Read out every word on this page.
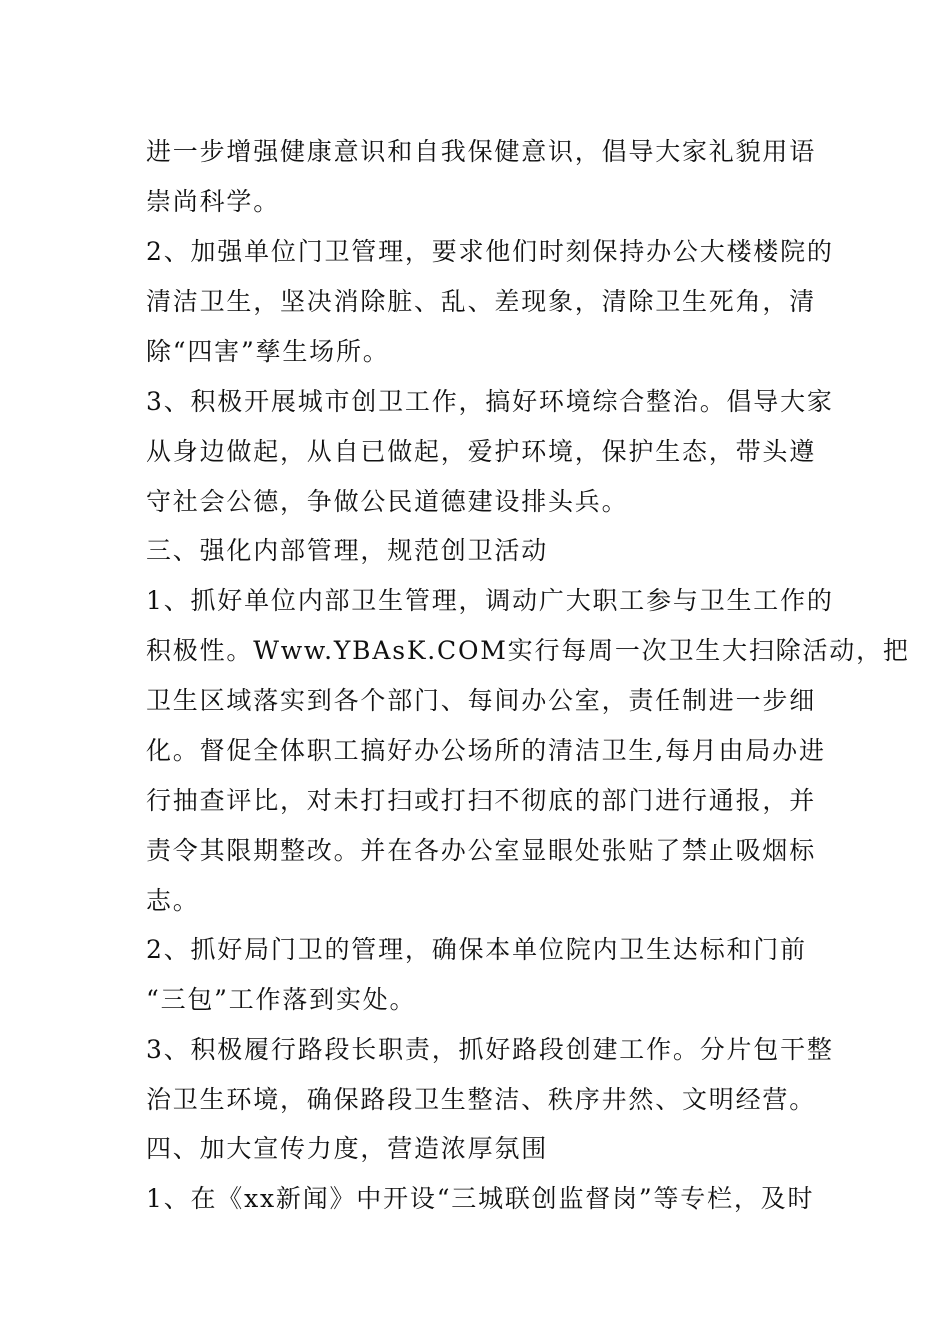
进一步增强健康意识和自我保健意识，倡导大家礼貌用语
崇尚科学。
2、加强单位门卫管理，要求他们时刻保持办公大楼楼院的
清洁卫生，坚决消除脏、乱、差现象，清除卫生死角，清
除“四害”孳生场所。
3、积极开展城市创卫工作，搞好环境综合整治。倡导大家
从身边做起，从自已做起，爱护环境，保护生态，带头遵
守社会公德，争做公民道德建设排头兵。
三、强化内部管理，规范创卫活动
1、抓好单位内部卫生管理，调动广大职工参与卫生工作的
积极性。Www.YBAsK.COM实行每周一次卫生大扫除活动，把
卫生区域落实到各个部门、每间办公室，责任制进一步细
化。督促全体职工搞好办公场所的清洁卫生,每月由局办进
行抽查评比，对未打扫或打扫不彻底的部门进行通报，并
责令其限期整改。并在各办公室显眼处张贴了禁止吸烟标
志。
2、抓好局门卫的管理，确保本单位院内卫生达标和门前
“三包”工作落到实处。
3、积极履行路段长职责，抓好路段创建工作。分片包干整
治卫生环境，确保路段卫生整洁、秩序井然、文明经营。
四、加大宣传力度，营造浓厚氛围
1、在《xx新闻》中开设“三城联创监督岗”等专栏，及时
